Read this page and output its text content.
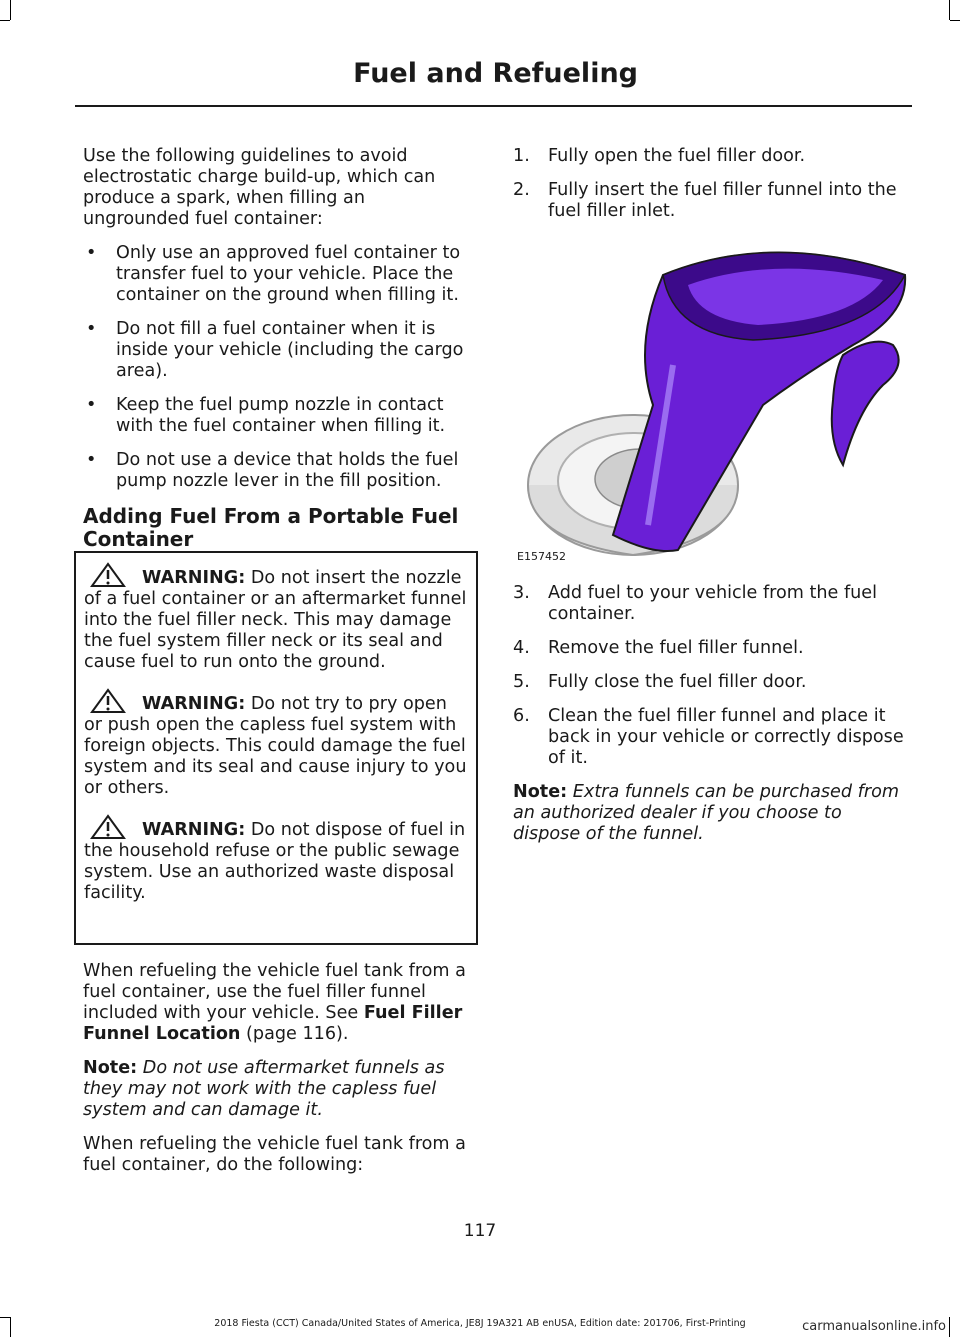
Fuel and Refueling

Use the following guidelines to avoid electrostatic charge build-up, which can produce a spark, when filling an ungrounded fuel container:

• Only use an approved fuel container to transfer fuel to your vehicle. Place the container on the ground when filling it.
• Do not fill a fuel container when it is inside your vehicle (including the cargo area).
• Keep the fuel pump nozzle in contact with the fuel container when filling it.
• Do not use a device that holds the fuel pump nozzle lever in the fill position.
Adding Fuel From a Portable Fuel Container
WARNING: Do not insert the nozzle of a fuel container or an aftermarket funnel into the fuel filler neck. This may damage the fuel system filler neck or its seal and cause fuel to run onto the ground.
WARNING: Do not try to pry open or push open the capless fuel system with foreign objects. This could damage the fuel system and its seal and cause injury to you or others.
WARNING: Do not dispose of fuel in the household refuse or the public sewage system. Use an authorized waste disposal facility.

When refueling the vehicle fuel tank from a fuel container, use the fuel filler funnel included with your vehicle. See Fuel Filler Funnel Location (page 116).

Note: Do not use aftermarket funnels as they may not work with the capless fuel system and can damage it.

When refueling the vehicle fuel tank from a fuel container, do the following:

1. Fully open the fuel filler door.
2. Fully insert the fuel filler funnel into the fuel filler inlet.
E157452
3. Add fuel to your vehicle from the fuel container.
4. Remove the fuel filler funnel.
5. Fully close the fuel filler door.
6. Clean the fuel filler funnel and place it back in your vehicle or correctly dispose of it.

Note: Extra funnels can be purchased from an authorized dealer if you choose to dispose of the funnel.

117
2018 Fiesta (CCT) Canada/United States of America, JE8J 19A321 AB enUSA, Edition date: 201706, First-Printing	carmanualsonline.info
